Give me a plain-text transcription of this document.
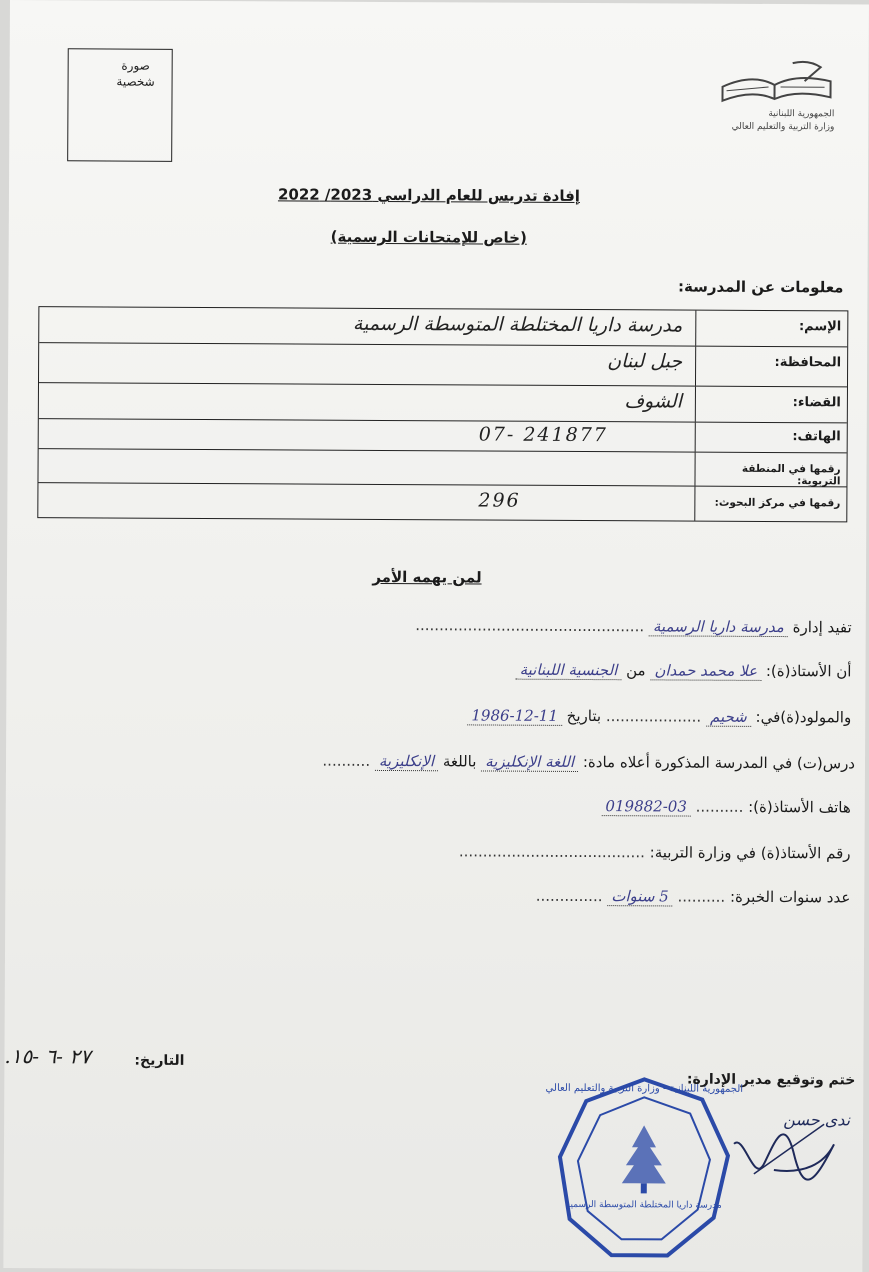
صورة شخصية
الجمهورية اللبنانية
وزارة التربية والتعليم العالي
إفادة تدريس للعام الدراسي 2023/ 2022
(خاص للإمتحانات الرسمية)
معلومات عن المدرسة:
الإسم:
مدرسة داريا المختلطة المتوسطة الرسمية
المحافظة:
جبل لبنان
القضاء:
الشوف
الهاتف:
07- 241877
رقمها في المنطقة التربوية:
رقمها في مركز البحوث:
296
لمن يهمه الأمر
تفيد إدارة مدرسة داريا الرسمية ................................................
أن الأستاذ(ة): علا محمد حمدان من الجنسية اللبنانية
والمولود(ة)في: شحيم .................... بتاريخ 11-12-1986
درس(ت) في المدرسة المذكورة أعلاه مادة: اللغة الإنكليزية باللغة الإنكليزية ..........
هاتف الأستاذ(ة): .......... 03-019882
رقم الأستاذ(ة) في وزارة التربية: .......................................
عدد سنوات الخبرة: .......... 5 سنوات ..............
التاريخ:
.٢٧ -٦ -١٥
ختم وتوقيع مدير الإدارة:
مدرسة داريا المختلطة المتوسطة الرسمية
الجمهورية اللبنانية - وزارة التربية والتعليم العالي
ندى حسن
